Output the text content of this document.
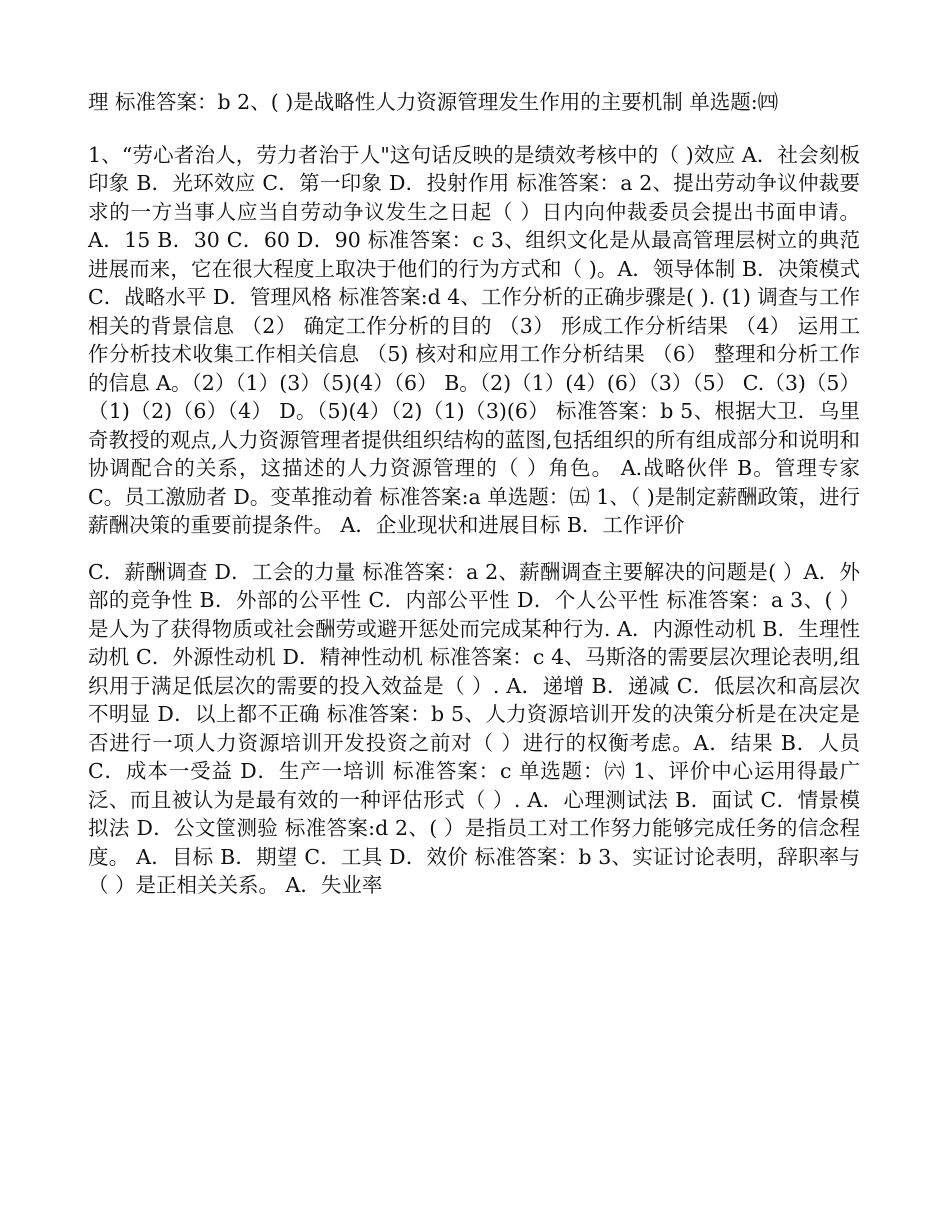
理 标准答案：b 2、( )是战略性人力资源管理发生作用的主要机制 单选题:㈣

1、“劳心者治人，劳力者治于人"这句话反映的是绩效考核中的（ )效应 A．社会刻板印象 B．光环效应 C．第一印象 D．投射作用 标准答案：a 2、提出劳动争议仲裁要求的一方当事人应当自劳动争议发生之日起（ ）日内向仲裁委员会提出书面申请。A．15 B．30 C．60 D．90 标准答案：c 3、组织文化是从最高管理层树立的典范进展而来，它在很大程度上取决于他们的行为方式和（ )。A．领导体制 B．决策模式 C．战略水平 D．管理风格 标准答案:d 4、工作分析的正确步骤是( ). (1) 调查与工作相关的背景信息 （2） 确定工作分析的目的 （3） 形成工作分析结果 （4） 运用工作分析技术收集工作相关信息 （5) 核对和应用工作分析结果 （6） 整理和分析工作的信息 A。（2）（1）(3）（5)(4）（6） B。（2)（1）(4）(6）（3）（5） C.（3)（5）（1)（2)（6）（4） D。（5)(4）（2)（1)（3)(6） 标准答案：b 5、根据大卫．乌里奇教授的观点,人力资源管理者提供组织结构的蓝图,包括组织的所有组成部分和说明和协调配合的关系，这描述的人力资源管理的（ ）角色。 A.战略伙伴 B。管理专家 C。员工激励者 D。变革推动着 标准答案:a 单选题：㈤ 1、（ )是制定薪酬政策，进行薪酬决策的重要前提条件。 A．企业现状和进展目标 B．工作评价

C．薪酬调查 D．工会的力量 标准答案：a 2、薪酬调查主要解决的问题是( ）A．外部的竞争性 B．外部的公平性 C．内部公平性 D．个人公平性 标准答案：a 3、( ）是人为了获得物质或社会酬劳或避开惩处而完成某种行为. A．内源性动机 B．生理性动机 C．外源性动机 D．精神性动机 标准答案：c 4、马斯洛的需要层次理论表明,组织用于满足低层次的需要的投入效益是（ ）. A．递增 B．递减 C．低层次和高层次不明显 D．以上都不正确 标准答案：b 5、人力资源培训开发的决策分析是在决定是否进行一项人力资源培训开发投资之前对（ ）进行的权衡考虑。A．结果 B．人员 C．成本一受益 D．生产一培训 标准答案：c 单选题：㈥ 1、评价中心运用得最广泛、而且被认为是最有效的一种评估形式（ ）. A．心理测试法 B．面试 C．情景模拟法 D．公文筐测验 标准答案:d 2、( ）是指员工对工作努力能够完成任务的信念程度。 A．目标 B．期望 C．工具 D．效价 标准答案：b 3、实证讨论表明，辞职率与（ ）是正相关关系。 A．失业率
